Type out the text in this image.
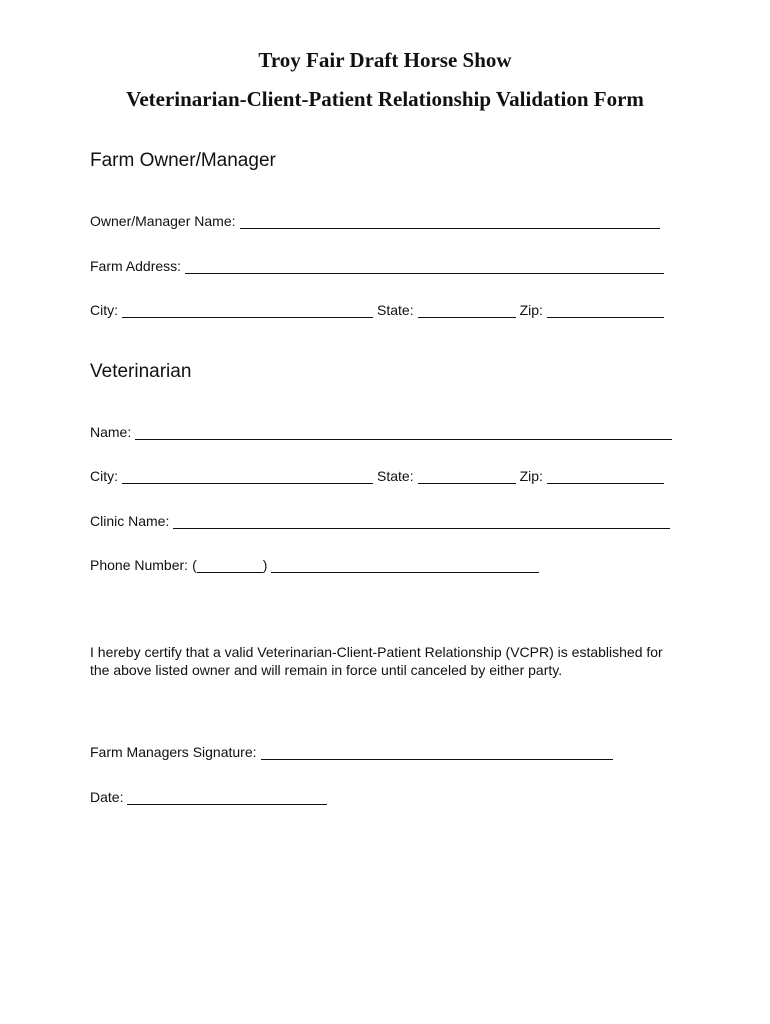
Troy Fair Draft Horse Show
Veterinarian-Client-Patient Relationship Validation Form
Farm Owner/Manager
Owner/Manager Name:
Farm Address:
City:	State:	Zip:
Veterinarian
Name:
City:	State:	Zip:
Clinic Name:
Phone Number: (	)

I hereby certify that a valid Veterinarian-Client-Patient Relationship (VCPR) is established for the above listed owner and will remain in force until canceled by either party.

Farm Managers Signature:
Date:
